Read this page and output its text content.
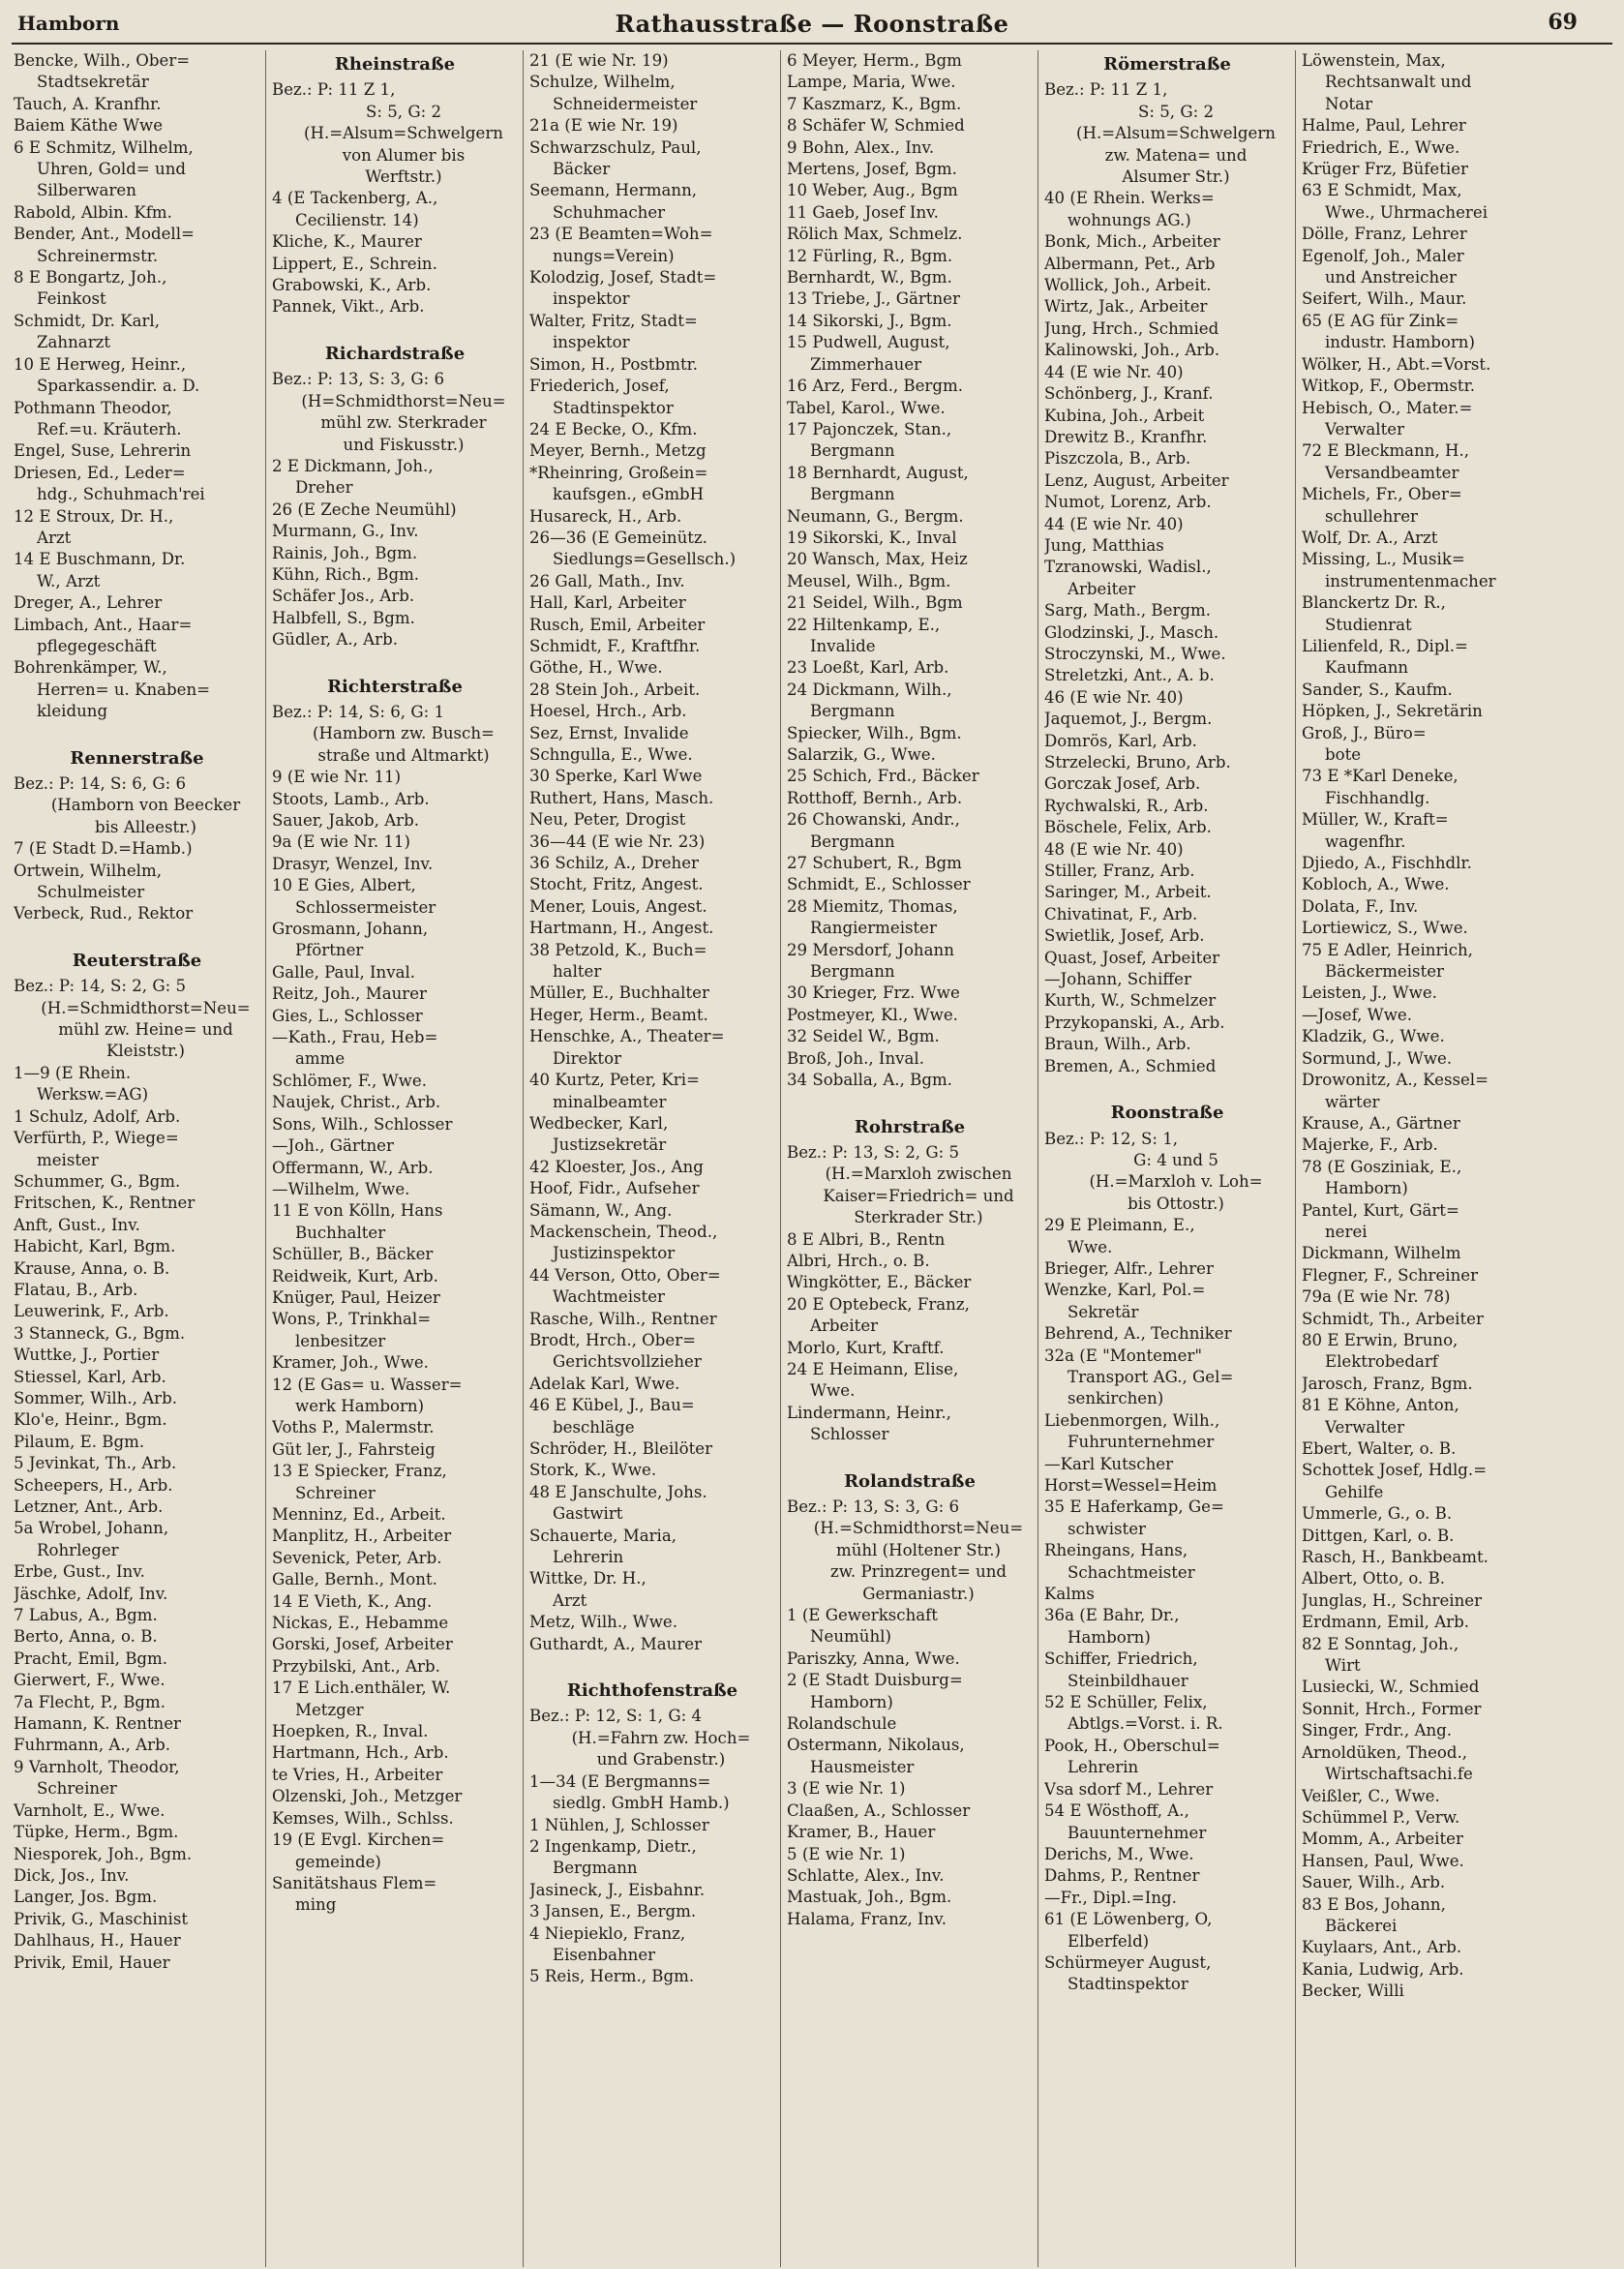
Hamborn	Rathausstraße — Roonstraße	69
Bencke, Wilh., Ober=
Stadtsekretär
Tauch, A. Kranfhr.
Baiem Käthe Wwe
6 E Schmitz, Wilhelm,
Uhren, Gold= und
Silberwaren
Rabold, Albin. Kfm.
Bender, Ant., Modell=
Schreinermstr.
8 E Bongartz, Joh.,
Feinkost
Schmidt, Dr. Karl,
Zahnarzt
10 E Herweg, Heinr.,
Sparkassendir. a. D.
Pothmann Theodor,
Ref.=u. Kräuterh.
Engel, Suse, Lehrerin
Driesen, Ed., Leder=
hdg., Schuhmach'rei
12 E Stroux, Dr. H.,
Arzt
14 E Buschmann, Dr.
W., Arzt
Dreger, A., Lehrer
Limbach, Ant., Haar=
pflegegeschäft
Bohrenkämper, W.,
Herren= u. Knaben=
kleidung
Rennerstraße
Bez.: P: 14, S: 6, G: 6
(Hamborn von Beecker
bis Alleestr.)
7 (E Stadt D.=Hamb.)
Ortwein, Wilhelm,
Schulmeister
Verbeck, Rud., Rektor
Reuterstraße
Bez.: P: 14, S: 2, G: 5
(H.=Schmidthorst=Neu=
mühl zw. Heine= und
Kleiststr.)
1—9 (E Rhein.
Werksw.=AG)
1 Schulz, Adolf, Arb.
Verfürth, P., Wiege=
meister
Schummer, G., Bgm.
Fritschen, K., Rentner
Anft, Gust., Inv.
Habicht, Karl, Bgm.
Krause, Anna, o. B.
Flatau, B., Arb.
Leuwerink, F., Arb.
3 Stanneck, G., Bgm.
Wuttke, J., Portier
Stiessel, Karl, Arb.
Sommer, Wilh., Arb.
Klo'e, Heinr., Bgm.
Pilaum, E. Bgm.
5 Jevinkat, Th., Arb.
Scheepers, H., Arb.
Letzner, Ant., Arb.
5a Wrobel, Johann,
Rohrleger
Erbe, Gust., Inv.
Jäschke, Adolf, Inv.
7 Labus, A., Bgm.
Berto, Anna, o. B.
Pracht, Emil, Bgm.
Gierwert, F., Wwe.
7a Flecht, P., Bgm.
Hamann, K. Rentner
Fuhrmann, A., Arb.
9 Varnholt, Theodor,
Schreiner
Varnholt, E., Wwe.
Tüpke, Herm., Bgm.
Niesporek, Joh., Bgm.
Dick, Jos., Inv.
Langer, Jos. Bgm.
Privik, G., Maschinist
Dahlhaus, H., Hauer
Privik, Emil, Hauer
Rheinstraße
Bez.: P: 11 Z 1,
S: 5, G: 2
(H.=Alsum=Schwelgern
von Alumer bis
Werftstr.)
4 (E Tackenberg, A.,
Cecilienstr. 14)
Kliche, K., Maurer
Lippert, E., Schrein.
Grabowski, K., Arb.
Pannek, Vikt., Arb.
Richardstraße
Bez.: P: 13, S: 3, G: 6
(H=Schmidthorst=Neu=
mühl zw. Sterkrader
und Fiskusstr.)
2 E Dickmann, Joh.,
Dreher
26 (E Zeche Neumühl)
Murmann, G., Inv.
Rainis, Joh., Bgm.
Kühn, Rich., Bgm.
Schäfer Jos., Arb.
Halbfell, S., Bgm.
Güdler, A., Arb.
Richterstraße
Bez.: P: 14, S: 6, G: 1
(Hamborn zw. Busch=
straße und Altmarkt)
9 (E wie Nr. 11)
Stoots, Lamb., Arb.
Sauer, Jakob, Arb.
9a (E wie Nr. 11)
Drasyr, Wenzel, Inv.
10 E Gies, Albert,
Schlossermeister
Grosmann, Johann,
Pförtner
Galle, Paul, Inval.
Reitz, Joh., Maurer
Gies, L., Schlosser
—Kath., Frau, Heb=
amme
Schlömer, F., Wwe.
Naujek, Christ., Arb.
Sons, Wilh., Schlosser
—Joh., Gärtner
Offermann, W., Arb.
—Wilhelm, Wwe.
11 E von Kölln, Hans
Buchhalter
Schüller, B., Bäcker
Reidweik, Kurt, Arb.
Knüger, Paul, Heizer
Wons, P., Trinkhal=
lenbesitzer
Kramer, Joh., Wwe.
12 (E Gas= u. Wasser=
werk Hamborn)
Voths P., Malermstr.
Güt ler, J., Fahrsteig
13 E Spiecker, Franz,
Schreiner
Menninz, Ed., Arbeit.
Manplitz, H., Arbeiter
Sevenick, Peter, Arb.
Galle, Bernh., Mont.
14 E Vieth, K., Ang.
Nickas, E., Hebamme
Gorski, Josef, Arbeiter
Przybilski, Ant., Arb.
17 E Lich.enthäler, W.
Metzger
Hoepken, R., Inval.
Hartmann, Hch., Arb.
te Vries, H., Arbeiter
Olzenski, Joh., Metzger
Kemses, Wilh., Schlss.
19 (E Evgl. Kirchen=
gemeinde)
Sanitätshaus Flem=
ming
21 (E wie Nr. 19)
Schulze, Wilhelm,
Schneidermeister
21a (E wie Nr. 19)
Schwarzschulz, Paul,
Bäcker
Seemann, Hermann,
Schuhmacher
23 (E Beamten=Woh=
nungs=Verein)
Kolodzig, Josef, Stadt=
inspektor
Walter, Fritz, Stadt=
inspektor
Simon, H., Postbmtr.
Friederich, Josef,
Stadtinspektor
24 E Becke, O., Kfm.
Meyer, Bernh., Metzg
*Rheinring, Großein=
kaufsgen., eGmbH
Husareck, H., Arb.
26—36 (E Gemeinütz.
Siedlungs=Gesellsch.)
26 Gall, Math., Inv.
Hall, Karl, Arbeiter
Rusch, Emil, Arbeiter
Schmidt, F., Kraftfhr.
Göthe, H., Wwe.
28 Stein Joh., Arbeit.
Hoesel, Hrch., Arb.
Sez, Ernst, Invalide
Schngulla, E., Wwe.
30 Sperke, Karl Wwe
Ruthert, Hans, Masch.
Neu, Peter, Drogist
36—44 (E wie Nr. 23)
36 Schilz, A., Dreher
Stocht, Fritz, Angest.
Mener, Louis, Angest.
Hartmann, H., Angest.
38 Petzold, K., Buch=
halter
Müller, E., Buchhalter
Heger, Herm., Beamt.
Henschke, A., Theater=
Direktor
40 Kurtz, Peter, Kri=
minalbeamter
Wedbecker, Karl,
Justizsekretär
42 Kloester, Jos., Ang
Hoof, Fidr., Aufseher
Sämann, W., Ang.
Mackenschein, Theod.,
Justizinspektor
44 Verson, Otto, Ober=
Wachtmeister
Rasche, Wilh., Rentner
Brodt, Hrch., Ober=
Gerichtsvollzieher
Adelak Karl, Wwe.
46 E Kübel, J., Bau=
beschläge
Schröder, H., Bleilöter
Stork, K., Wwe.
48 E Janschulte, Johs.
Gastwirt
Schauerte, Maria,
Lehrerin
Wittke, Dr. H.,
Arzt
Metz, Wilh., Wwe.
Guthardt, A., Maurer
Richthofenstraße
Bez.: P: 12, S: 1, G: 4
(H.=Fahrn zw. Hoch=
und Grabenstr.)
1—34 (E Bergmanns=
siedlg. GmbH Hamb.)
1 Nühlen, J, Schlosser
2 Ingenkamp, Dietr.,
Bergmann
Jasineck, J., Eisbahnr.
3 Jansen, E., Bergm.
4 Niepieklo, Franz,
Eisenbahner
5 Reis, Herm., Bgm.
6 Meyer, Herm., Bgm
Lampe, Maria, Wwe.
7 Kaszmarz, K., Bgm.
8 Schäfer W, Schmied
9 Bohn, Alex., Inv.
Mertens, Josef, Bgm.
10 Weber, Aug., Bgm
11 Gaeb, Josef Inv.
Rölich Max, Schmelz.
12 Fürling, R., Bgm.
Bernhardt, W., Bgm.
13 Triebe, J., Gärtner
14 Sikorski, J., Bgm.
15 Pudwell, August,
Zimmerhauer
16 Arz, Ferd., Bergm.
Tabel, Karol., Wwe.
17 Pajonczek, Stan.,
Bergmann
18 Bernhardt, August,
Bergmann
Neumann, G., Bergm.
19 Sikorski, K., Inval
20 Wansch, Max, Heiz
Meusel, Wilh., Bgm.
21 Seidel, Wilh., Bgm
22 Hiltenkamp, E.,
Invalide
23 Loeßt, Karl, Arb.
24 Dickmann, Wilh.,
Bergmann
Spiecker, Wilh., Bgm.
Salarzik, G., Wwe.
25 Schich, Frd., Bäcker
Rotthoff, Bernh., Arb.
26 Chowanski, Andr.,
Bergmann
27 Schubert, R., Bgm
Schmidt, E., Schlosser
28 Miemitz, Thomas,
Rangiermeister
29 Mersdorf, Johann
Bergmann
30 Krieger, Frz. Wwe
Postmeyer, Kl., Wwe.
32 Seidel W., Bgm.
Broß, Joh., Inval.
34 Soballa, A., Bgm.
Rohrstraße
Bez.: P: 13, S: 2, G: 5
(H.=Marxloh zwischen
Kaiser=Friedrich= und
Sterkrader Str.)
8 E Albri, B., Rentn
Albri, Hrch., o. B.
Wingkötter, E., Bäcker
20 E Optebeck, Franz,
Arbeiter
Morlo, Kurt, Kraftf.
24 E Heimann, Elise,
Wwe.
Lindermann, Heinr.,
Schlosser
Rolandstraße
Bez.: P: 13, S: 3, G: 6
(H.=Schmidthorst=Neu=
mühl (Holtener Str.)
zw. Prinzregent= und
Germaniastr.)
1 (E Gewerkschaft
Neumühl)
Pariszky, Anna, Wwe.
2 (E Stadt Duisburg=
Hamborn)
Rolandschule
Ostermann, Nikolaus,
Hausmeister
3 (E wie Nr. 1)
Claaßen, A., Schlosser
Kramer, B., Hauer
5 (E wie Nr. 1)
Schlatte, Alex., Inv.
Mastuak, Joh., Bgm.
Halama, Franz, Inv.
Römerstraße
Bez.: P: 11 Z 1,
S: 5, G: 2
(H.=Alsum=Schwelgern
zw. Matena= und
Alsumer Str.)
40 (E Rhein. Werks=
wohnungs AG.)
Bonk, Mich., Arbeiter
Albermann, Pet., Arb
Wollick, Joh., Arbeit.
Wirtz, Jak., Arbeiter
Jung, Hrch., Schmied
Kalinowski, Joh., Arb.
44 (E wie Nr. 40)
Schönberg, J., Kranf.
Kubina, Joh., Arbeit
Drewitz B., Kranfhr.
Piszczola, B., Arb.
Lenz, August, Arbeiter
Numot, Lorenz, Arb.
44 (E wie Nr. 40)
Jung, Matthias
Tzranowski, Wadisl.,
Arbeiter
Sarg, Math., Bergm.
Glodzinski, J., Masch.
Stroczynski, M., Wwe.
Streletzki, Ant., A. b.
46 (E wie Nr. 40)
Jaquemot, J., Bergm.
Domrös, Karl, Arb.
Strzelecki, Bruno, Arb.
Gorczak Josef, Arb.
Rychwalski, R., Arb.
Böschele, Felix, Arb.
48 (E wie Nr. 40)
Stiller, Franz, Arb.
Saringer, M., Arbeit.
Chivatinat, F., Arb.
Swietlik, Josef, Arb.
Quast, Josef, Arbeiter
—Johann, Schiffer
Kurth, W., Schmelzer
Przykopanski, A., Arb.
Braun, Wilh., Arb.
Bremen, A., Schmied
Roonstraße
Bez.: P: 12, S: 1,
G: 4 und 5
(H.=Marxloh v. Loh=
bis Ottostr.)
29 E Pleimann, E.,
Wwe.
Brieger, Alfr., Lehrer
Wenzke, Karl, Pol.=
Sekretär
Behrend, A., Techniker
32a (E "Montemer"
Transport AG., Gel=
senkirchen)
Liebenmorgen, Wilh.,
Fuhrunternehmer
—Karl Kutscher
Horst=Wessel=Heim
35 E Haferkamp, Ge=
schwister
Rheingans, Hans,
Schachtmeister
Kalms
36a (E Bahr, Dr.,
Hamborn)
Schiffer, Friedrich,
Steinbildhauer
52 E Schüller, Felix,
Abtlgs.=Vorst. i. R.
Pook, H., Oberschul=
Lehrerin
Vsa sdorf M., Lehrer
54 E Wösthoff, A.,
Bauunternehmer
Derichs, M., Wwe.
Dahms, P., Rentner
—Fr., Dipl.=Ing.
61 (E Löwenberg, O,
Elberfeld)
Schürmeyer August,
Stadtinspektor
Löwenstein, Max,
Rechtsanwalt und
Notar
Halme, Paul, Lehrer
Friedrich, E., Wwe.
Krüger Frz, Büfetier
63 E Schmidt, Max,
Wwe., Uhrmacherei
Dölle, Franz, Lehrer
Egenolf, Joh., Maler
und Anstreicher
Seifert, Wilh., Maur.
65 (E AG für Zink=
industr. Hamborn)
Wölker, H., Abt.=Vorst.
Witkop, F., Obermstr.
Hebisch, O., Mater.=
Verwalter
72 E Bleckmann, H.,
Versandbeamter
Michels, Fr., Ober=
schullehrer
Wolf, Dr. A., Arzt
Missing, L., Musik=
instrumentenmacher
Blanckertz Dr. R.,
Studienrat
Lilienfeld, R., Dipl.=
Kaufmann
Sander, S., Kaufm.
Höpken, J., Sekretärin
Groß, J., Büro=
bote
73 E *Karl Deneke,
Fischhandlg.
Müller, W., Kraft=
wagenfhr.
Djiedo, A., Fischhdlr.
Kobloch, A., Wwe.
Dolata, F., Inv.
Lortiewicz, S., Wwe.
75 E Adler, Heinrich,
Bäckermeister
Leisten, J., Wwe.
—Josef, Wwe.
Kladzik, G., Wwe.
Sormund, J., Wwe.
Drowonitz, A., Kessel=
wärter
Krause, A., Gärtner
Majerke, F., Arb.
78 (E Gosziniak, E.,
Hamborn)
Pantel, Kurt, Gärt=
nerei
Dickmann, Wilhelm
Flegner, F., Schreiner
79a (E wie Nr. 78)
Schmidt, Th., Arbeiter
80 E Erwin, Bruno,
Elektrobedarf
Jarosch, Franz, Bgm.
81 E Köhne, Anton,
Verwalter
Ebert, Walter, o. B.
Schottek Josef, Hdlg.=
Gehilfe
Ummerle, G., o. B.
Dittgen, Karl, o. B.
Rasch, H., Bankbeamt.
Albert, Otto, o. B.
Junglas, H., Schreiner
Erdmann, Emil, Arb.
82 E Sonntag, Joh.,
Wirt
Lusiecki, W., Schmied
Sonnit, Hrch., Former
Singer, Frdr., Ang.
Arnoldüken, Theod.,
Wirtschaftsachi.fe
Veißler, C., Wwe.
Schümmel P., Verw.
Momm, A., Arbeiter
Hansen, Paul, Wwe.
Sauer, Wilh., Arb.
83 E Bos, Johann,
Bäckerei
Kuylaars, Ant., Arb.
Kania, Ludwig, Arb.
Becker, Willi
